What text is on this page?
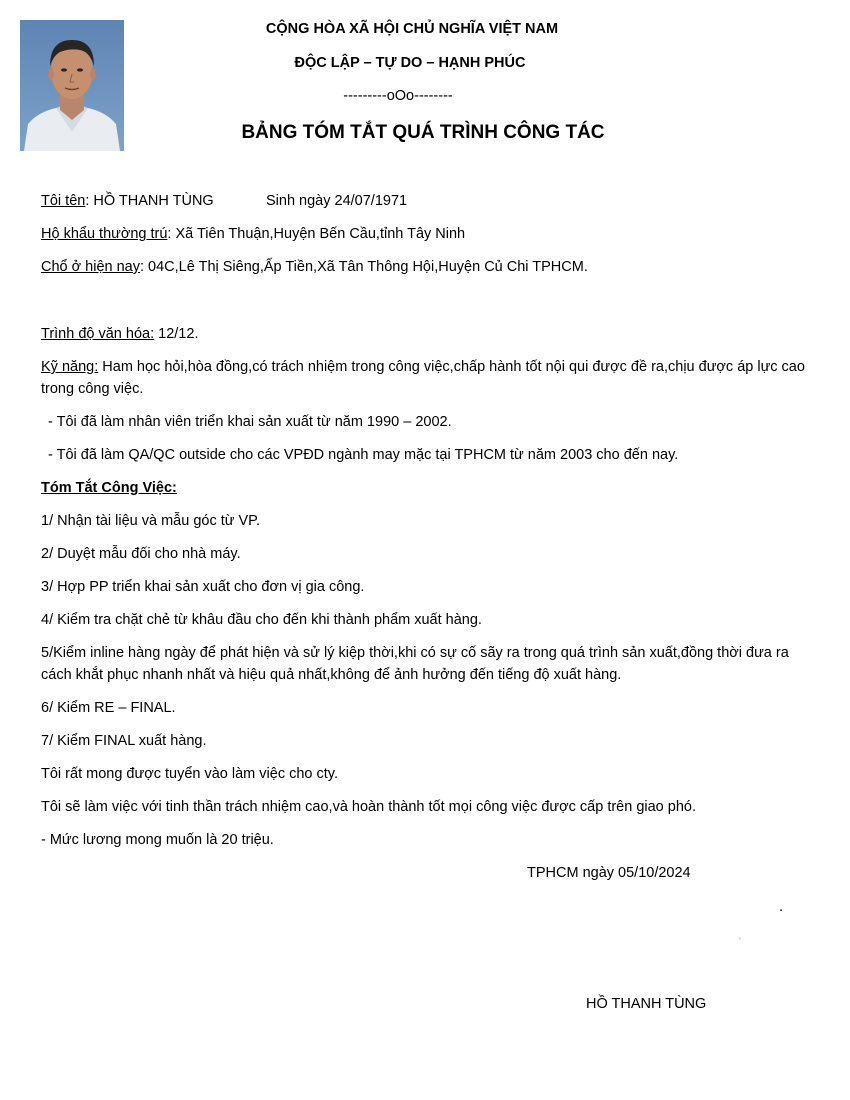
CỘNG HÒA XÃ HỘI CHỦ NGHĨA VIỆT NAM
ĐỘC LẬP – TỰ DO – HẠNH PHÚC
---------oOo--------
BẢNG TÓM TẮT QUÁ TRÌNH CÔNG TÁC
Tôi tên: HỒ THANH TÙNG	Sinh ngày 24/07/1971
Hộ khẩu thường trú: Xã Tiên Thuận,Huyện Bến Cầu,tỉnh Tây Ninh
Chổ ở hiện nay: 04C,Lê Thị Siêng,Ấp Tiền,Xã Tân Thông Hội,Huyện Củ Chi TPHCM.
Trình độ văn hóa: 12/12.
Kỹ năng: Ham học hỏi,hòa đồng,có trách nhiệm trong công việc,chấp hành tốt nội qui được đề ra,chịu được áp lực cao trong công việc.
- Tôi đã làm nhân viên triển khai sản xuất từ năm 1990 – 2002.
- Tôi đã làm QA/QC outside cho các VPĐD ngành may mặc tại TPHCM từ năm 2003 cho đến nay.
Tóm Tắt Công Việc:
1/ Nhận tài liệu và mẫu góc từ VP.
2/ Duyệt mẫu đối cho nhà máy.
3/ Hợp PP triển khai sản xuất cho đơn vị gia công.
4/ Kiểm tra chặt chẻ từ khâu đầu cho đến khi thành phẩm xuất hàng.
5/Kiểm inline hàng ngày để phát hiện và sử lý kiệp thời,khi có sự cố sãy ra trong quá trình sản xuất,đồng thời đưa ra cách khắt phục nhanh nhất và hiệu quả nhất,không để ảnh hưởng đến tiếng độ xuất hàng.
6/ Kiểm RE – FINAL.
7/ Kiểm FINAL xuất hàng.
Tôi rất mong được tuyển vào làm việc cho cty.
Tôi sẽ làm việc với tinh thần trách nhiệm cao,và hoàn thành tốt mọi công việc được cấp trên giao phó.
- Mức lương mong muốn là 20 triệu.
TPHCM ngày 05/10/2024
.
'
HỒ THANH TÙNG
